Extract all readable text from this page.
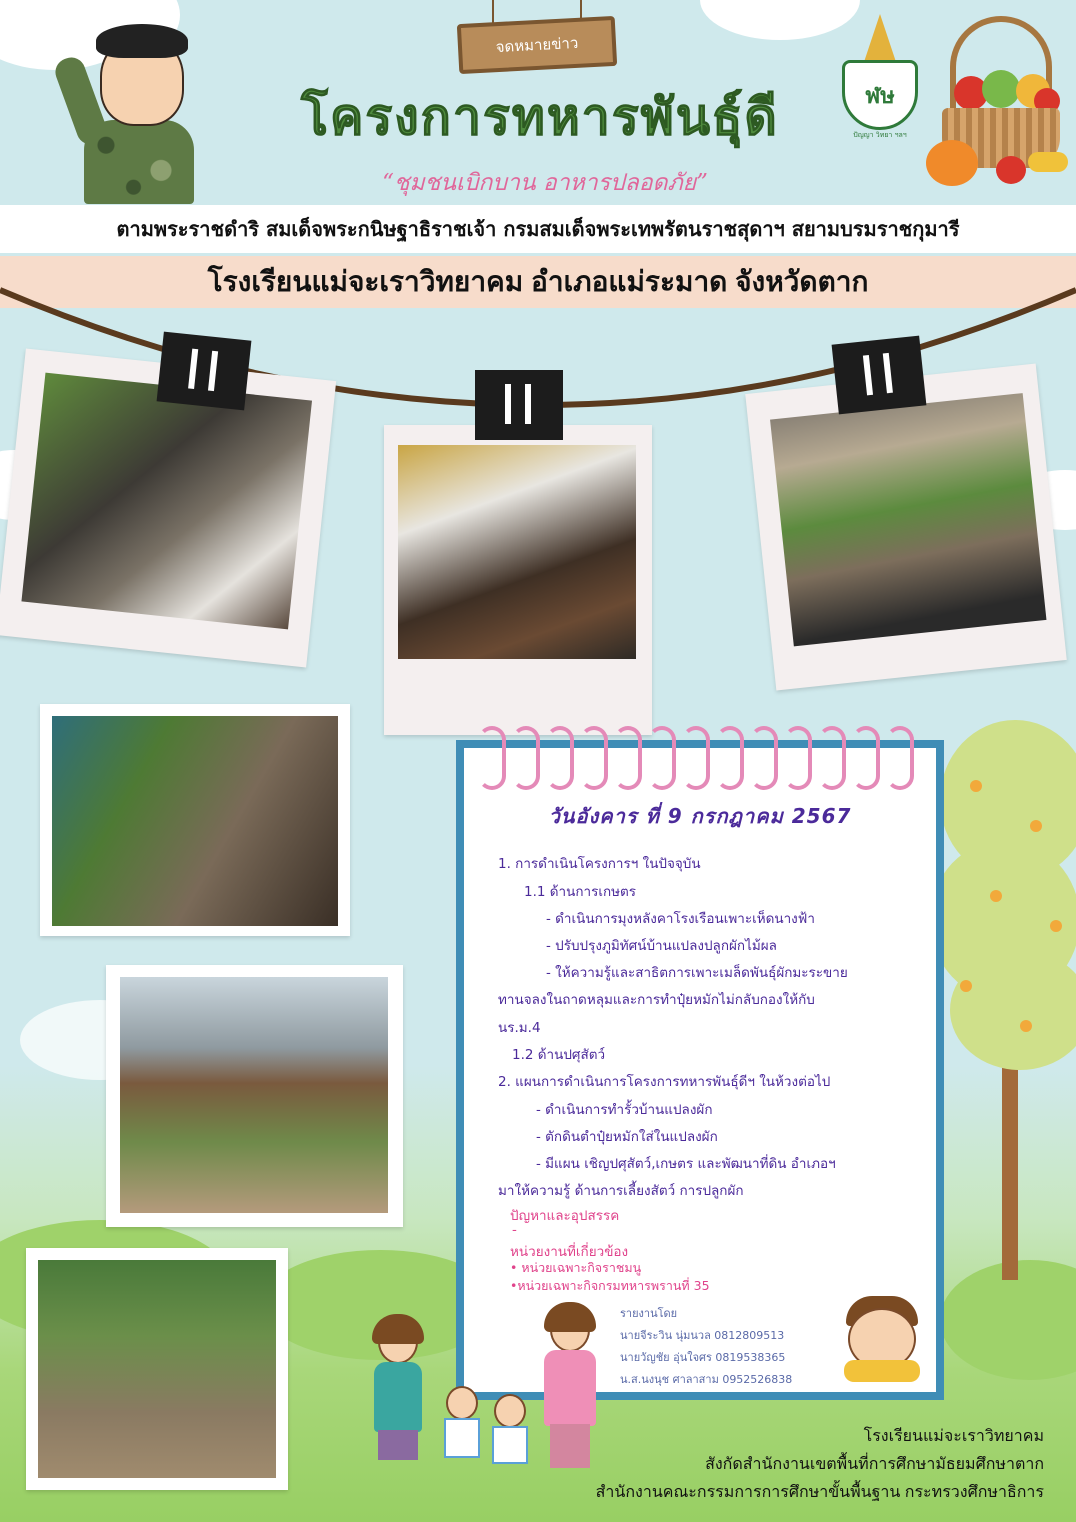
จดหมายข่าว
โครงการทหารพันธุ์ดี
“ชุมชนเบิกบาน อาหารปลอดภัย”
ฬษ
ปัญญา วิทยา ฯลฯ
ตามพระราชดำริ สมเด็จพระกนิษฐาธิราชเจ้า กรมสมเด็จพระเทพรัตนราชสุดาฯ สยามบรมราชกุมารี
โรงเรียนแม่จะเราวิทยาคม อำเภอแม่ระมาด จังหวัดตาก
วันอังคาร ที่ 9 กรกฎาคม 2567
1. การดำเนินโครงการฯ ในปัจจุบัน
1.1 ด้านการเกษตร
- ดำเนินการมุงหลังคาโรงเรือนเพาะเห็ดนางฟ้า
- ปรับปรุงภูมิทัศน์บ้านแปลงปลูกผักไม้ผล
- ให้ความรู้และสาธิตการเพาะเมล็ดพันธุ์ผักมะระขาย
ทานจลงในถาดหลุมและการทำปุ๋ยหมักไม่กลับกองให้กับ
นร.ม.4
1.2 ด้านปศุสัตว์
2. แผนการดำเนินการโครงการทหารพันธุ์ดีฯ ในห้วงต่อไป
- ดำเนินการทำรั้วบ้านแปลงผัก
- ตักดินตำปุ๋ยหมักใส่ในแปลงผัก
- มีแผน เชิญปศุสัตว์,เกษตร และพัฒนาที่ดิน อำเภอฯ
มาให้ความรู้ ด้านการเลี้ยงสัตว์ การปลูกผัก
ปัญหาและอุปสรรค
-
หน่วยงานที่เกี่ยวข้อง
• หน่วยเฉพาะกิจราชมนู
•หน่วยเฉพาะกิจกรมทหารพรานที่ 35
รายงานโดย
นายจีระวิน นุ่มนวล 0812809513
นายวัญชัย อุ่นใจศร 0819538365
น.ส.นงนุช ศาลาสาม 0952526838
โรงเรียนแม่จะเราวิทยาคม
สังกัดสำนักงานเขตพื้นที่การศึกษามัธยมศึกษาตาก
สำนักงานคณะกรรมการการศึกษาขั้นพื้นฐาน กระทรวงศึกษาธิการ
